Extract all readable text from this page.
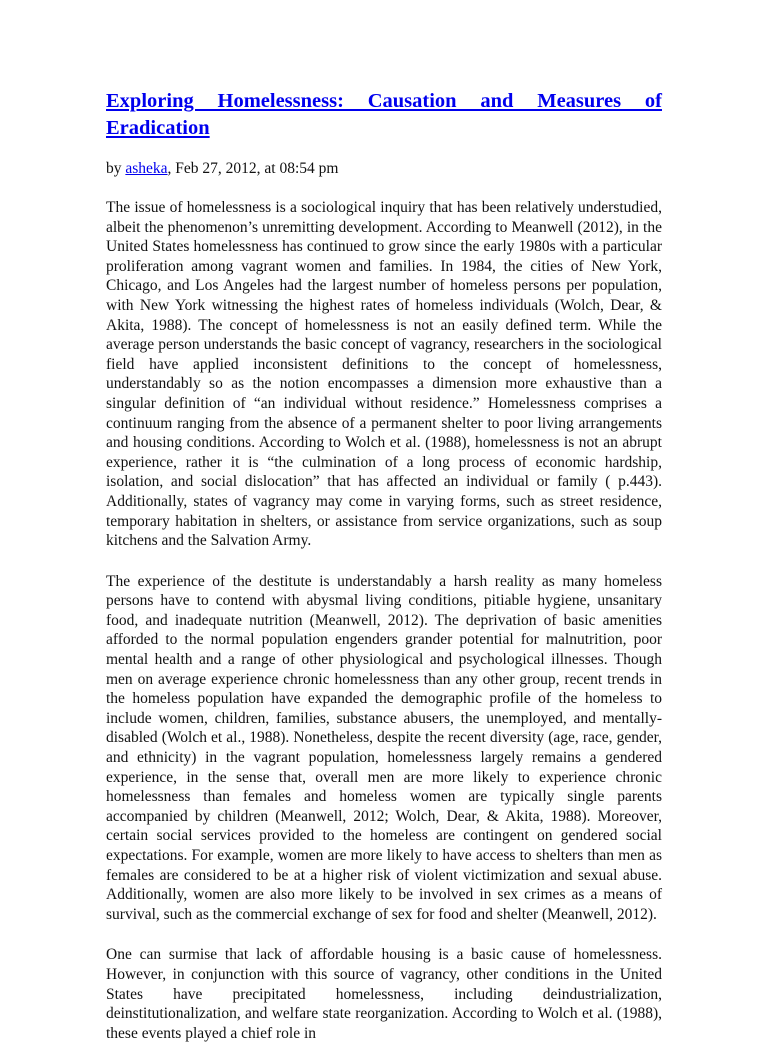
Exploring Homelessness: Causation and Measures of Eradication
by asheka, Feb 27, 2012, at 08:54 pm

The issue of homelessness is a sociological inquiry that has been relatively understudied, albeit the phenomenon’s unremitting development. According to Meanwell (2012), in the United States homelessness has continued to grow since the early 1980s with a particular proliferation among vagrant women and families. In 1984, the cities of New York, Chicago, and Los Angeles had the largest number of homeless persons per population, with New York witnessing the highest rates of homeless individuals (Wolch, Dear, & Akita, 1988). The concept of homelessness is not an easily defined term. While the average person understands the basic concept of vagrancy, researchers in the sociological field have applied inconsistent definitions to the concept of homelessness, understandably so as the notion encompasses a dimension more exhaustive than a singular definition of “an individual without residence.” Homelessness comprises a continuum ranging from the absence of a permanent shelter to poor living arrangements and housing conditions. According to Wolch et al. (1988), homelessness is not an abrupt experience, rather it is “the culmination of a long process of economic hardship, isolation, and social dislocation” that has affected an individual or family ( p.443). Additionally, states of vagrancy may come in varying forms, such as street residence, temporary habitation in shelters, or assistance from service organizations, such as soup kitchens and the Salvation Army.

The experience of the destitute is understandably a harsh reality as many homeless persons have to contend with abysmal living conditions, pitiable hygiene, unsanitary food, and inadequate nutrition (Meanwell, 2012). The deprivation of basic amenities afforded to the normal population engenders grander potential for malnutrition, poor mental health and a range of other physiological and psychological illnesses. Though men on average experience chronic homelessness than any other group, recent trends in the homeless population have expanded the demographic profile of the homeless to include women, children, families, substance abusers, the unemployed, and mentally-disabled (Wolch et al., 1988). Nonetheless, despite the recent diversity (age, race, gender, and ethnicity) in the vagrant population, homelessness largely remains a gendered experience, in the sense that, overall men are more likely to experience chronic homelessness than females and homeless women are typically single parents accompanied by children (Meanwell, 2012; Wolch, Dear, & Akita, 1988). Moreover, certain social services provided to the homeless are contingent on gendered social expectations. For example, women are more likely to have access to shelters than men as females are considered to be at a higher risk of violent victimization and sexual abuse. Additionally, women are also more likely to be involved in sex crimes as a means of survival, such as the commercial exchange of sex for food and shelter (Meanwell, 2012).

One can surmise that lack of affordable housing is a basic cause of homelessness. However, in conjunction with this source of vagrancy, other conditions in the United States have precipitated homelessness, including deindustrialization, deinstitutionalization, and welfare state reorganization. According to Wolch et al. (1988), these events played a chief role in
